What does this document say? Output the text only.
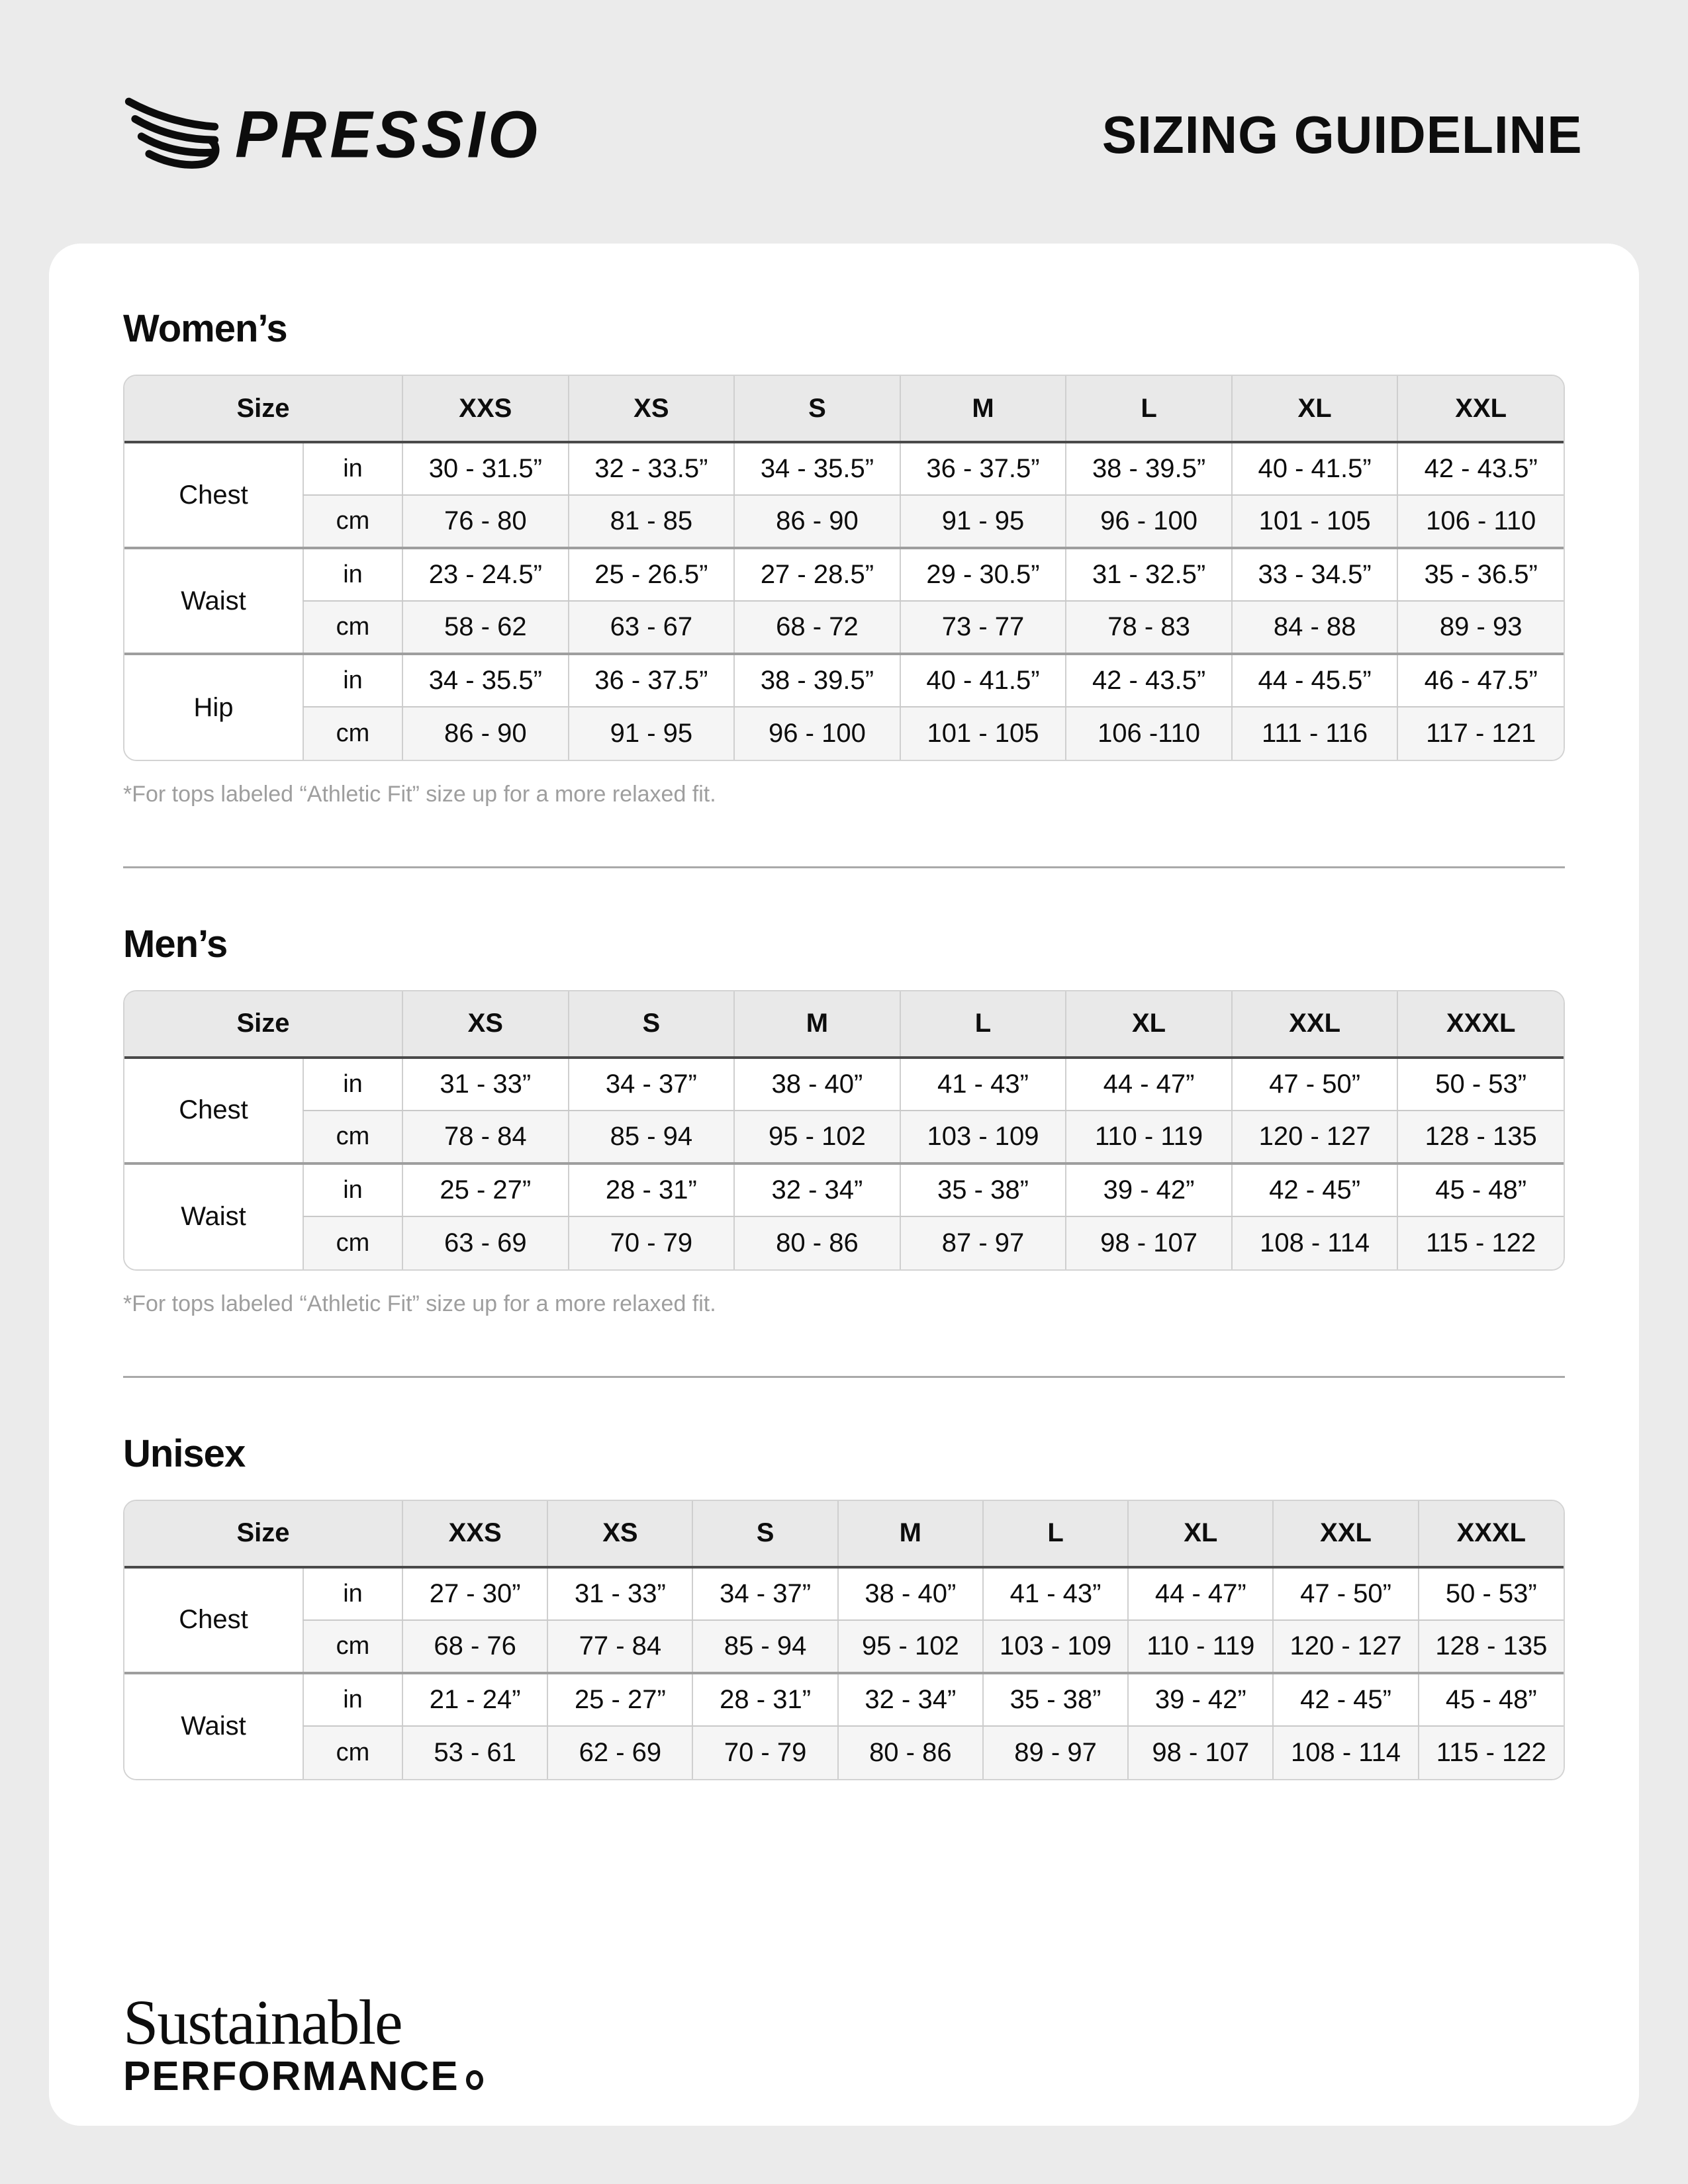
PRESSIO	SIZING GUIDELINE
Women’s
Size		XXS	XS	S	M	L	XL	XXL
Chest	in	30 - 31.5”	32 - 33.5”	34 - 35.5”	36 - 37.5”	38 - 39.5”	40 - 41.5”	42 - 43.5”
	cm	76 - 80	81 - 85	86 - 90	91 - 95	96 - 100	101 - 105	106 - 110
Waist	in	23 - 24.5”	25 - 26.5”	27 - 28.5”	29 - 30.5”	31 - 32.5”	33 - 34.5”	35 - 36.5”
	cm	58 - 62	63 - 67	68 - 72	73 - 77	78 - 83	84 - 88	89 - 93
Hip	in	34 - 35.5”	36 - 37.5”	38 - 39.5”	40 - 41.5”	42 - 43.5”	44 - 45.5”	46 - 47.5”
	cm	86 - 90	91 - 95	96 - 100	101 - 105	106 -110	111 - 116	117 - 121

*For tops labeled “Athletic Fit” size up for a more relaxed fit.

Men’s
Size		XS	S	M	L	XL	XXL	XXXL
Chest	in	31 - 33”	34 - 37”	38 - 40”	41 - 43”	44 - 47”	47 - 50”	50 - 53”
	cm	78 - 84	85 - 94	95 - 102	103 - 109	110 - 119	120 - 127	128 - 135
Waist	in	25 - 27”	28 - 31”	32 - 34”	35 - 38”	39 - 42”	42 - 45”	45 - 48”
	cm	63 - 69	70 - 79	80 - 86	87 - 97	98 - 107	108 - 114	115 - 122

*For tops labeled “Athletic Fit” size up for a more relaxed fit.

Unisex
Size		XXS	XS	S	M	L	XL	XXL	XXXL
Chest	in	27 - 30”	31 - 33”	34 - 37”	38 - 40”	41 - 43”	44 - 47”	47 - 50”	50 - 53”
	cm	68 - 76	77 - 84	85 - 94	95 - 102	103 - 109	110 - 119	120 - 127	128 - 135
Waist	in	21 - 24”	25 - 27”	28 - 31”	32 - 34”	35 - 38”	39 - 42”	42 - 45”	45 - 48”
	cm	53 - 61	62 - 69	70 - 79	80 - 86	89 - 97	98 - 107	108 - 114	115 - 122

Sustainable

PERFORMANCE
